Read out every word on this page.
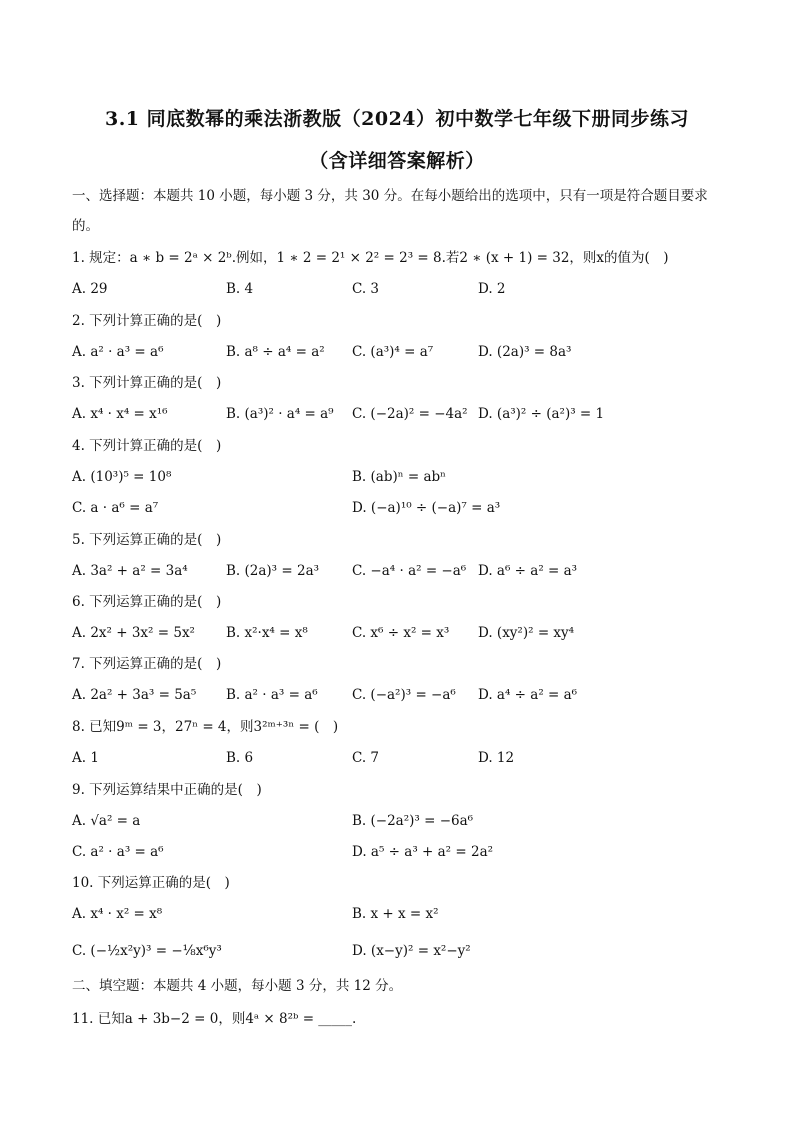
3.1 同底数幂的乘法浙教版（2024）初中数学七年级下册同步练习
（含详细答案解析）
一、选择题：本题共 10 小题，每小题 3 分，共 30 分。在每小题给出的选项中，只有一项是符合题目要求
的。
1. 规定：a ∗ b = 2ᵃ × 2ᵇ.例如，1 ∗ 2 = 2¹ × 2² = 2³ = 8.若2 ∗ (x + 1) = 32，则x的值为(　)
A. 29	B. 4	C. 3	D. 2
2. 下列计算正确的是(　)
A. a² · a³ = a⁶	B. a⁸ ÷ a⁴ = a² C. (a³)⁴ = a⁷	D. (2a)³ = 8a³
3. 下列计算正确的是(　)
A. x⁴ · x⁴ = x¹⁶	B. (a³)² · a⁴ = a⁹ C. (−2a)² = −4a² D. (a³)² ÷ (a²)³ = 1
4. 下列计算正确的是(　)
A. (10³)⁵ = 10⁸	B. (ab)ⁿ = abⁿ
C. a · a⁶ = a⁷	D. (−a)¹⁰ ÷ (−a)⁷ = a³
5. 下列运算正确的是(　)
A. 3a² + a² = 3a⁴	B. (2a)³ = 2a³ C. −a⁴ · a² = −a⁶ D. a⁶ ÷ a² = a³
6. 下列运算正确的是(　)
A. 2x² + 3x² = 5x² B. x²·x⁴ = x⁸	C. x⁶ ÷ x² = x³ D. (xy²)² = xy⁴
7. 下列运算正确的是(　)
A. 2a² + 3a³ = 5a⁵ B. a² · a³ = a⁶	C. (−a²)³ = −a⁶ D. a⁴ ÷ a² = a⁶
8. 已知9ᵐ = 3，27ⁿ = 4，则3²ᵐ⁺³ⁿ = (　)
A. 1	B. 6	C. 7	D. 12
9. 下列运算结果中正确的是(　)
A. √a² = a	B. (−2a²)³ = −6a⁶
C. a² · a³ = a⁶	D. a⁵ ÷ a³ + a² = 2a²
10. 下列运算正确的是(　)
A. x⁴ · x² = x⁸	B. x + x = x²
C. (−½x²y)³ = −⅛x⁶y³	D. (x−y)² = x²−y²
二、填空题：本题共 4 小题，每小题 3 分，共 12 分。
11. 已知a + 3b−2 = 0，则4ᵃ × 8²ᵇ = _____.
